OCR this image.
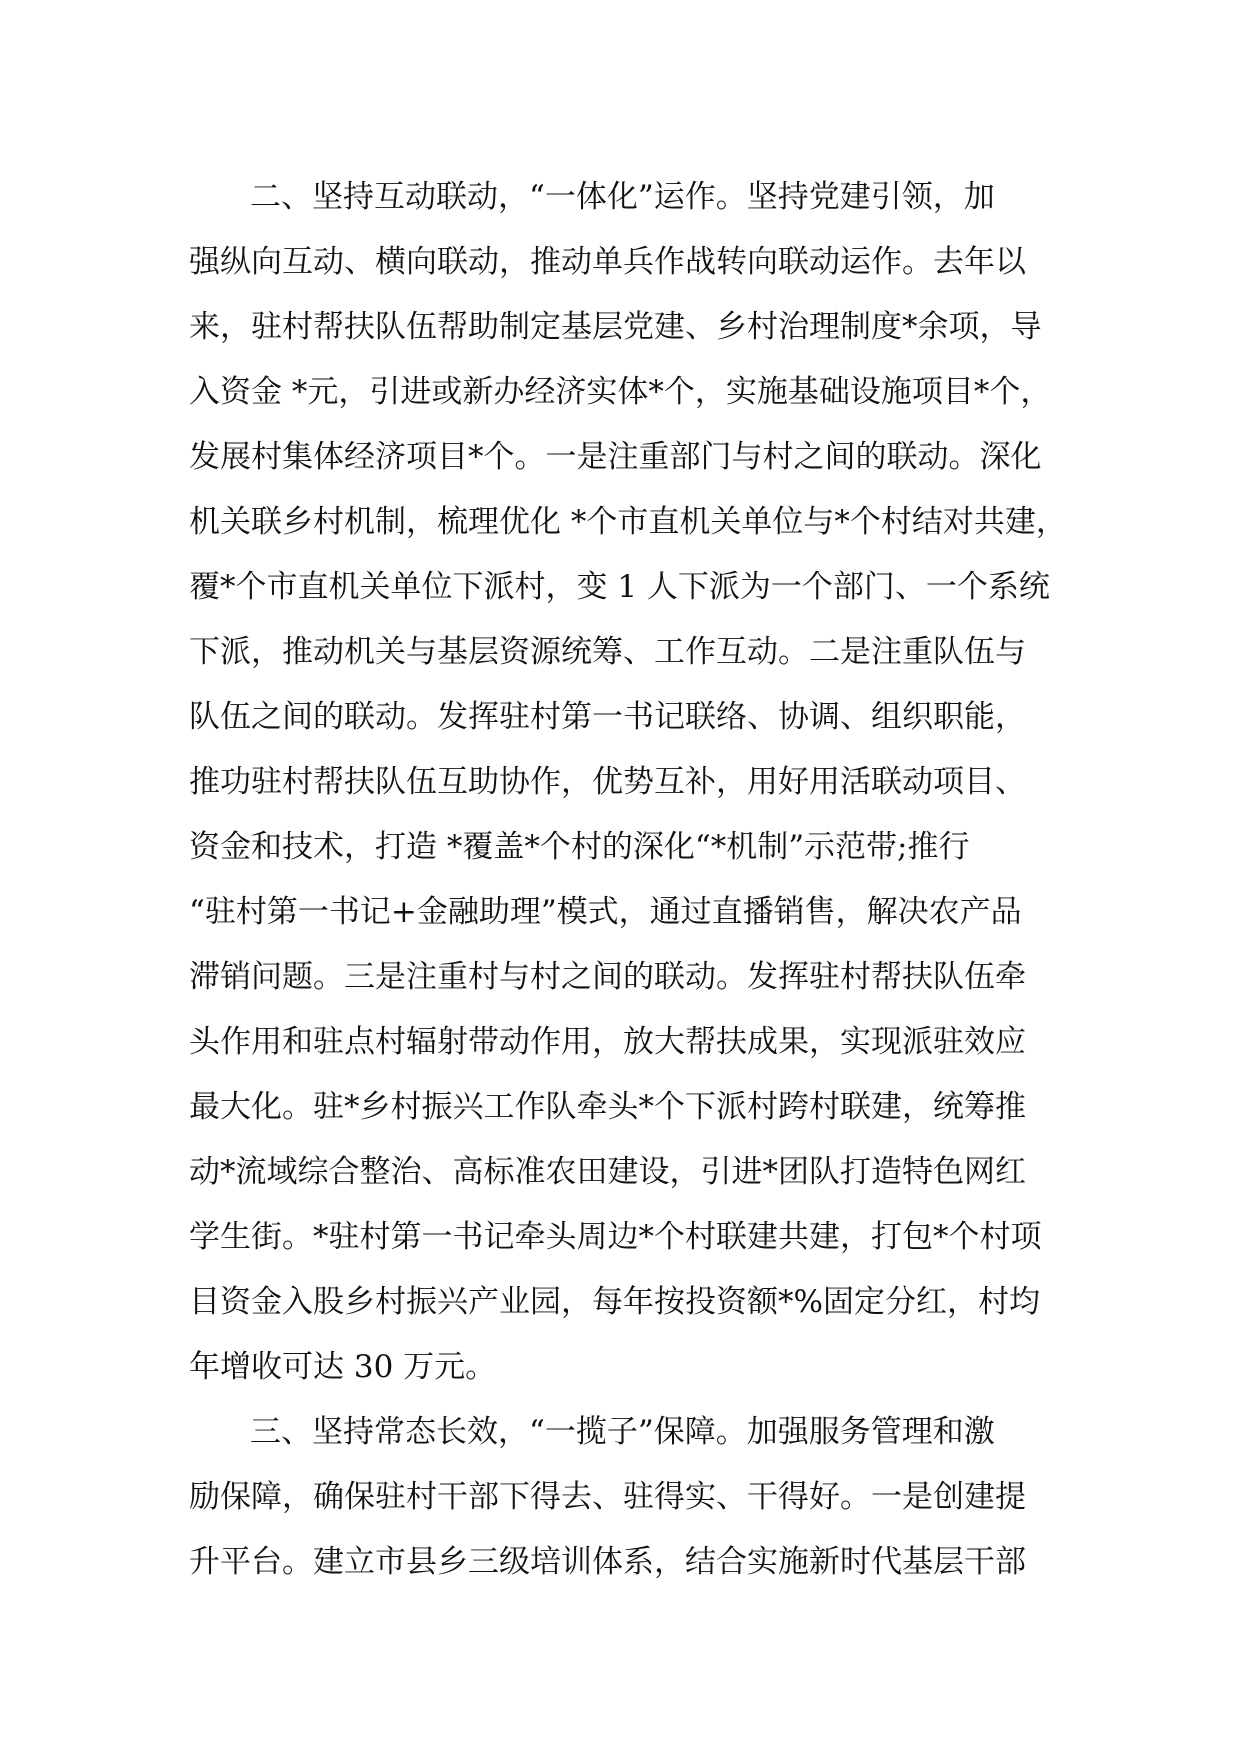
二、坚持互动联动，“一体化”运作。坚持党建引领，加
强纵向互动、横向联动，推动单兵作战转向联动运作。去年以
来，驻村帮扶队伍帮助制定基层党建、乡村治理制度*余项，导
入资金 *元，引进或新办经济实体*个，实施基础设施项目*个，
发展村集体经济项目*个。一是注重部门与村之间的联动。深化
机关联乡村机制，梳理优化 *个市直机关单位与*个村结对共建，
覆*个市直机关单位下派村，变 1 人下派为一个部门、一个系统
下派，推动机关与基层资源统筹、工作互动。二是注重队伍与
队伍之间的联动。发挥驻村第一书记联络、协调、组织职能，
推功驻村帮扶队伍互助协作，优势互补，用好用活联动项目、
资金和技术，打造 *覆盖*个村的深化“*机制”示范带;推行
“驻村第一书记+金融助理”模式，通过直播销售，解决农产品
滞销问题。三是注重村与村之间的联动。发挥驻村帮扶队伍牵
头作用和驻点村辐射带动作用，放大帮扶成果，实现派驻效应
最大化。驻*乡村振兴工作队牵头*个下派村跨村联建，统筹推
动*流域综合整治、高标准农田建设，引进*团队打造特色网红
学生街。*驻村第一书记牵头周边*个村联建共建，打包*个村项
目资金入股乡村振兴产业园，每年按投资额*%固定分红，村均
年增收可达 30 万元。
三、坚持常态长效，“一揽子”保障。加强服务管理和激
励保障，确保驻村干部下得去、驻得实、干得好。一是创建提
升平台。建立市县乡三级培训体系，结合实施新时代基层干部
